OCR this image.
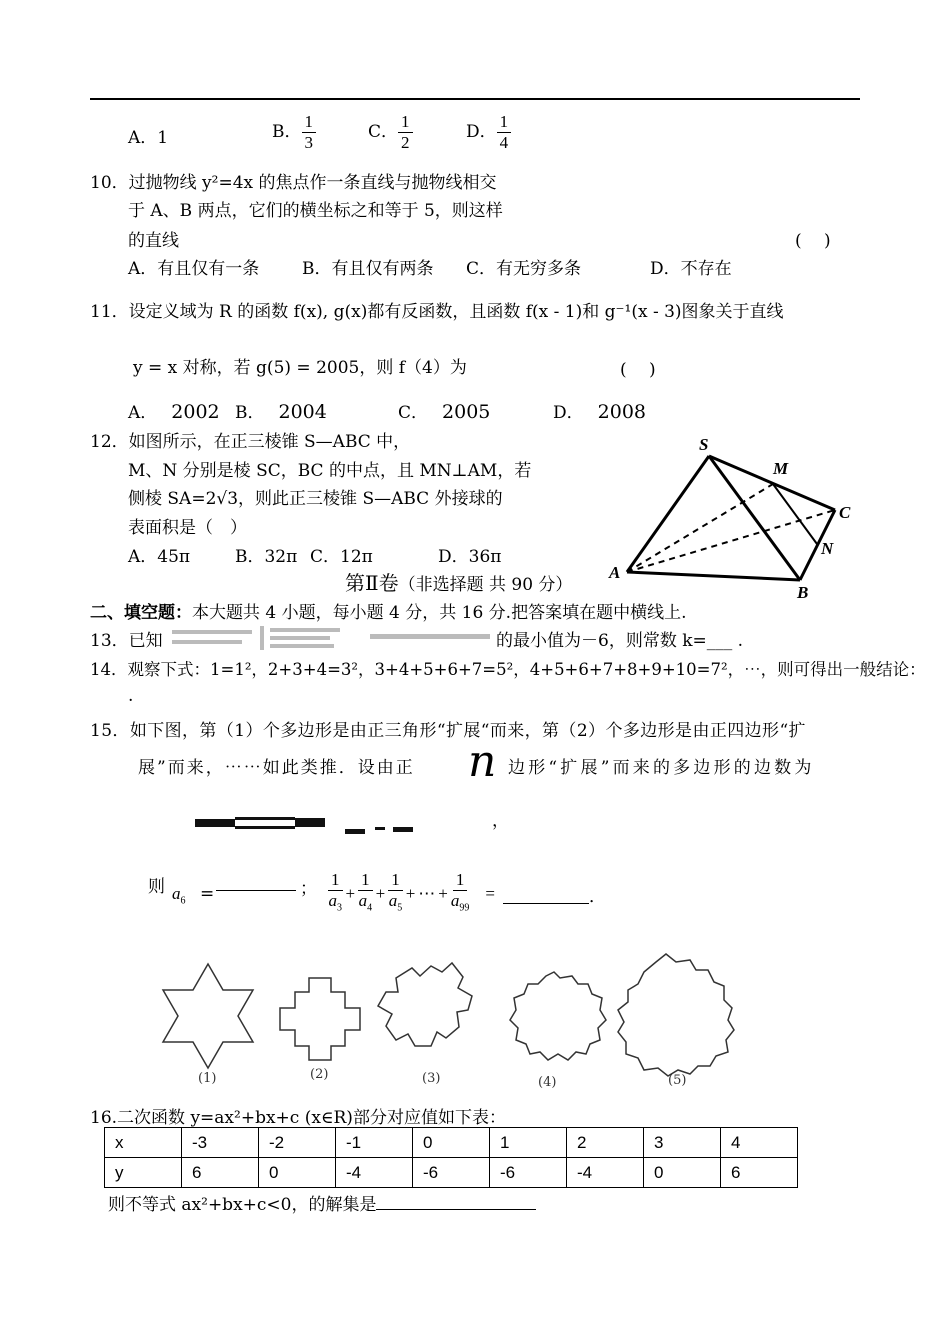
A．1	B． $\frac{1}{3}$	C． $\frac{1}{2}$	D． $\frac{1}{4}$
10．过抛物线 y²=4x 的焦点作一条直线与抛物线相交
于 A、B 两点，它们的横坐标之和等于 5，则这样
的直线	(　 )
A．有且仅有一条	B．有且仅有两条 C．有无穷多条	D．不存在
11．设定义域为 R 的函数 f(x), g(x)都有反函数，且函数 f(x - 1)和 g⁻¹(x - 3)图象关于直线
y = x 对称，若 g(5) = 2005，则 f（4）为	(　 )
A． 2002 B． 2004	C． 2005	D． 2008
12．如图所示，在正三棱锥 S—ABC 中，
M、N 分别是棱 SC，BC 的中点，且 MN⊥AM，若
侧棱 SA=2√3，则此正三棱锥 S—ABC 外接球的
表面积是（　）
A．45π	B．32π C．12π	D．36π
S
M
C
N
A
B
第Ⅱ卷（非选择题 共 90 分）
二、填空题：本大题共 4 小题，每小题 4 分，共 16 分.把答案填在题中横线上.
13．已知	的最小值为－6，则常数 k=___ .
14．观察下式：1=1²，2+3+4=3²，3+4+5+6+7=5²，4+5+6+7+8+9+10=7²，⋯，则可得出一般结论：
.
15．如下图，第（1）个多边形是由正三角形“扩展“而来，第（2）个多边形是由正四边形“扩
展”而来，⋯⋯如此类推．设由正 n 边形“扩展”而来的多边形的边数为
，
则 $a_6$ =	； $\frac{1}{a_3} + \frac{1}{a_4} + \frac{1}{a_5}$ + ⋯ + $\frac{1}{a_{99}}$ =	．
(1)	(2)	(3)	(4)	(5)
16.二次函数 y=ax²+bx+c (x∈R)部分对应值如下表：
x	-3	-2	-1	0	1	2	3	4
y	6	0	-4	-6	-6	-4	0	6
则不等式 ax²+bx+c<0，的解集是
